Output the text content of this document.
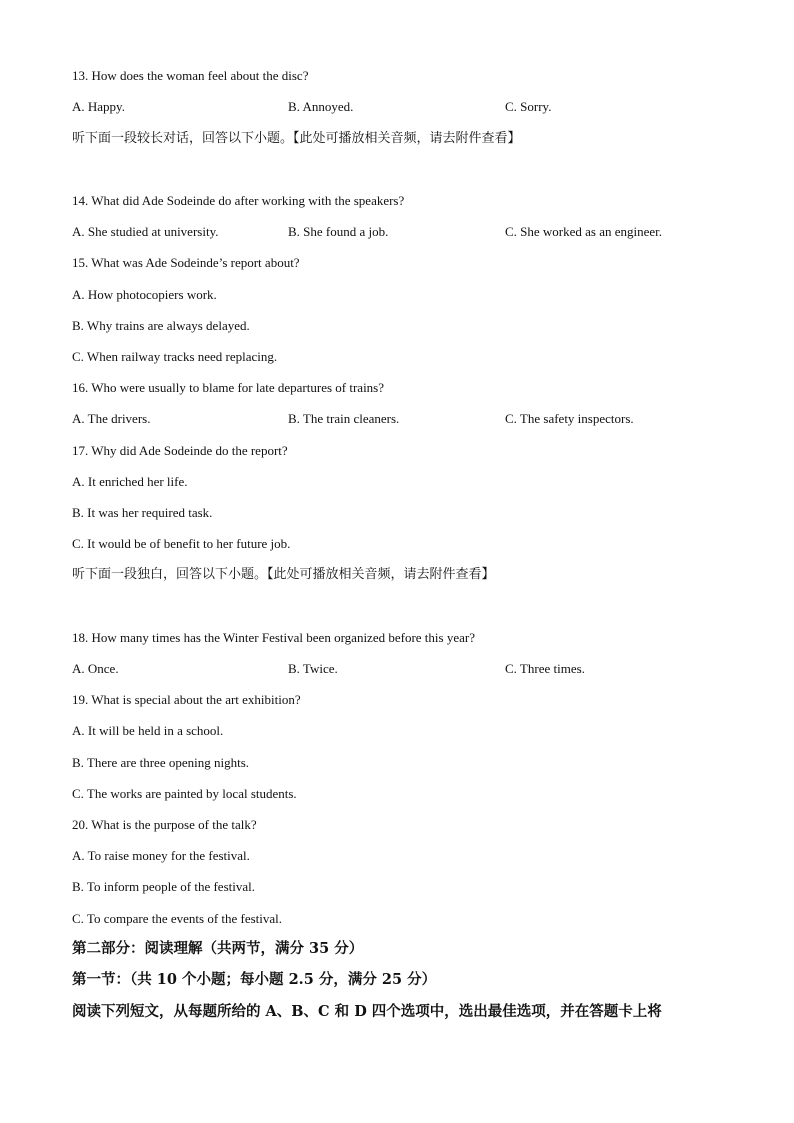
13. How does the woman feel about the disc?
A. Happy.	B. Annoyed.	C. Sorry.
听下面一段较长对话，回答以下小题。【此处可播放相关音频，请去附件查看】
14. What did Ade Sodeinde do after working with the speakers?
A. She studied at university.	B. She found a job.	C. She worked as an engineer.
15. What was Ade Sodeinde’s report about?
A. How photocopiers work.
B. Why trains are always delayed.
C. When railway tracks need replacing.
16. Who were usually to blame for late departures of trains?
A. The drivers.	B. The train cleaners.	C. The safety inspectors.
17. Why did Ade Sodeinde do the report?
A. It enriched her life.
B. It was her required task.
C. It would be of benefit to her future job.
听下面一段独白，回答以下小题。【此处可播放相关音频，请去附件查看】
18. How many times has the Winter Festival been organized before this year?
A. Once.	B. Twice.	C. Three times.
19. What is special about the art exhibition?
A. It will be held in a school.
B. There are three opening nights.
C. The works are painted by local students.
20. What is the purpose of the talk?
A. To raise money for the festival.
B. To inform people of the festival.
C. To compare the events of the festival.
第二部分：阅读理解（共两节，满分 35 分）
第一节：（共 10 个小题；每小题 2.5 分，满分 25 分）
阅读下列短文，从每题所给的 A、B、C 和 D 四个选项中，选出最佳选项，并在答题卡上将
